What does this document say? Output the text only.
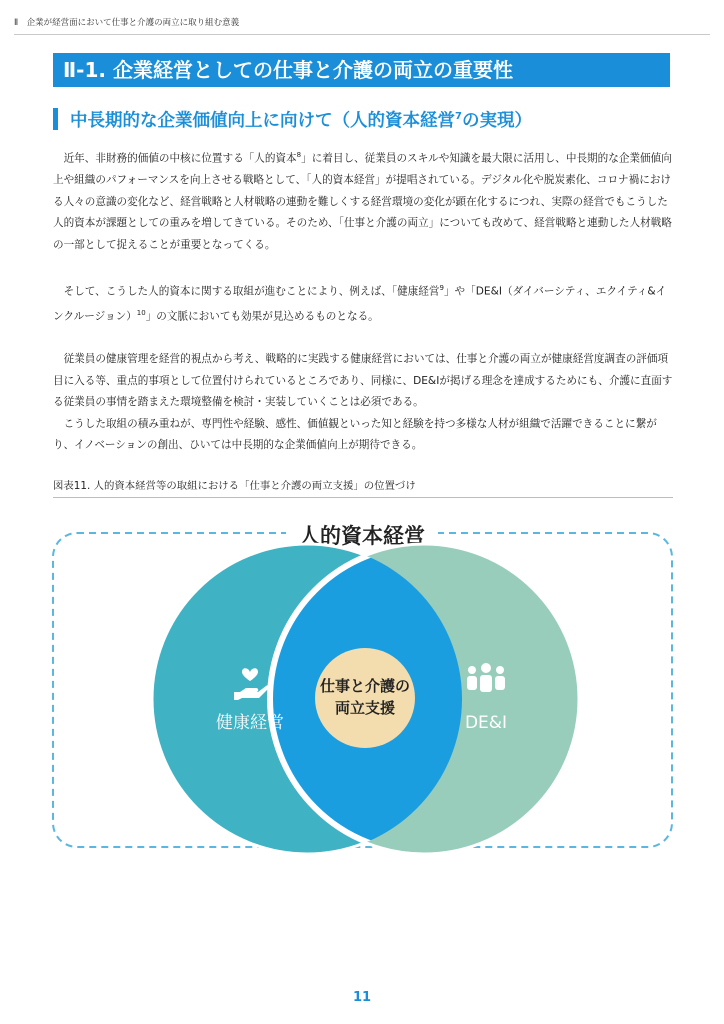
Ⅱ　企業が経営面において仕事と介護の両立に取り組む意義
Ⅱ-1. 企業経営としての仕事と介護の両立の重要性
中長期的な企業価値向上に向けて（人的資本経営$^7$の実現）

近年、非財務的価値の中核に位置する「人的資本$^8$」に着目し、従業員のスキルや知識を最大限に活用し、中長期的な企業価値向上や組織のパフォーマンスを向上させる戦略として、「人的資本経営」が提唱されている。デジタル化や脱炭素化、コロナ禍における人々の意識の変化など、経営戦略と人材戦略の連動を難しくする経営環境の変化が顕在化するにつれ、実際の経営でもこうした人的資本が課題としての重みを増してきている。そのため、「仕事と介護の両立」についても改めて、経営戦略と連動した人材戦略の一部として捉えることが重要となってくる。

そして、こうした人的資本に関する取組が進むことにより、例えば、「健康経営$^9$」や「DE&I（ダイバーシティ、エクイティ&インクルージョン）$^{10}$」の文脈においても効果が見込めるものとなる。

従業員の健康管理を経営的視点から考え、戦略的に実践する健康経営においては、仕事と介護の両立が健康経営度調査の評価項目に入る等、重点的事項として位置付けられているところであり、同様に、DE&Iが掲げる理念を達成するためにも、介護に直面する従業員の事情を踏まえた環境整備を検討・実装していくことは必須である。

こうした取組の積み重ねが、専門性や経験、感性、価値観といった知と経験を持つ多様な人材が組織で活躍できることに繋がり、イノベーションの創出、ひいては中長期的な企業価値向上が期待できる。

図表11. 人的資本経営等の取組における「仕事と介護の両立支援」の位置づけ
人的資本経営
仕事と介護の
両立支援
健康経営	DE&I
11
